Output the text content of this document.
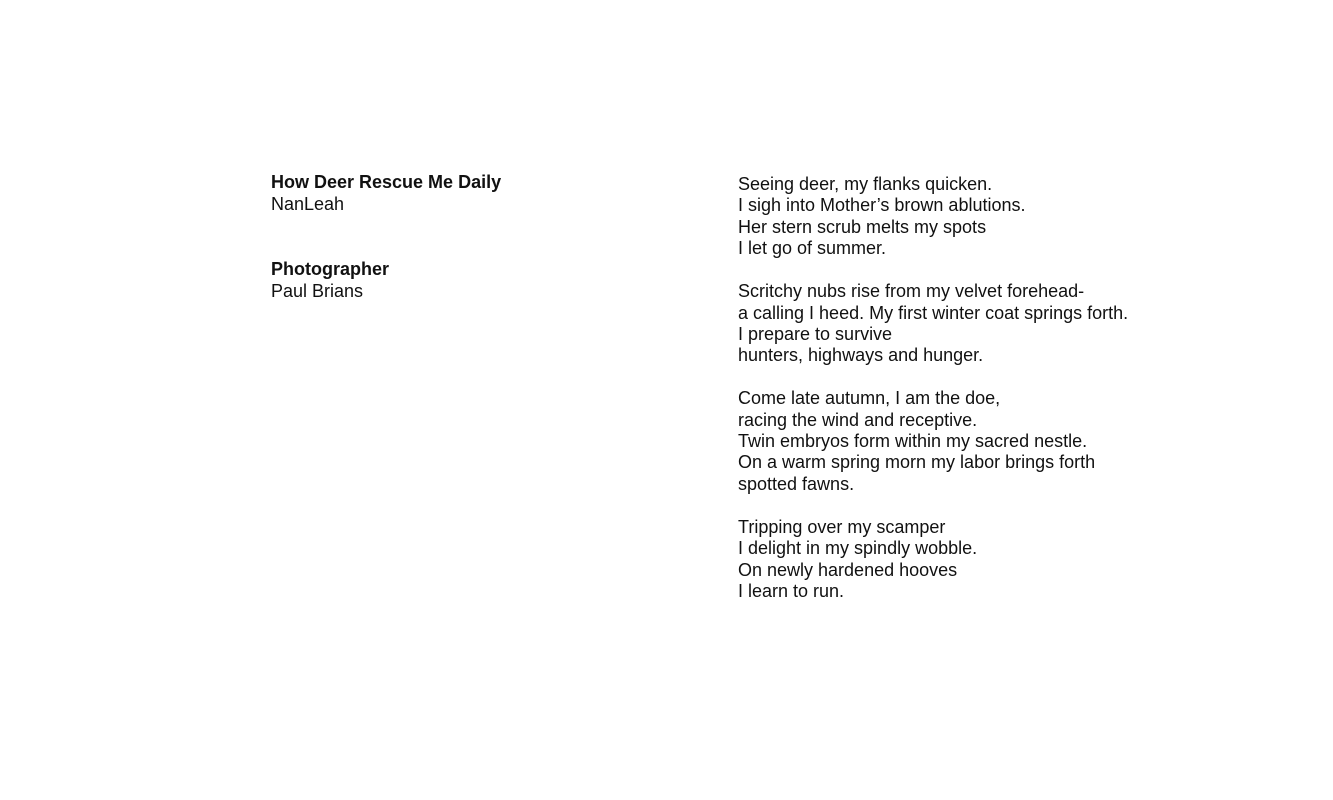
How Deer Rescue Me Daily

NanLeah

Photographer

Paul Brians

Seeing deer, my flanks quicken.
I sigh into Mother’s brown ablutions.
Her stern scrub melts my spots
I let go of summer.
Scritchy nubs rise from my velvet forehead-
a calling I heed. My first winter coat springs forth.
I prepare to survive
hunters, highways and hunger.
Come late autumn, I am the doe,
racing the wind and receptive.
Twin embryos form within my sacred nestle.
On a warm spring morn my labor brings forth
spotted fawns.
Tripping over my scamper
I delight in my spindly wobble.
On newly hardened hooves
I learn to run.
